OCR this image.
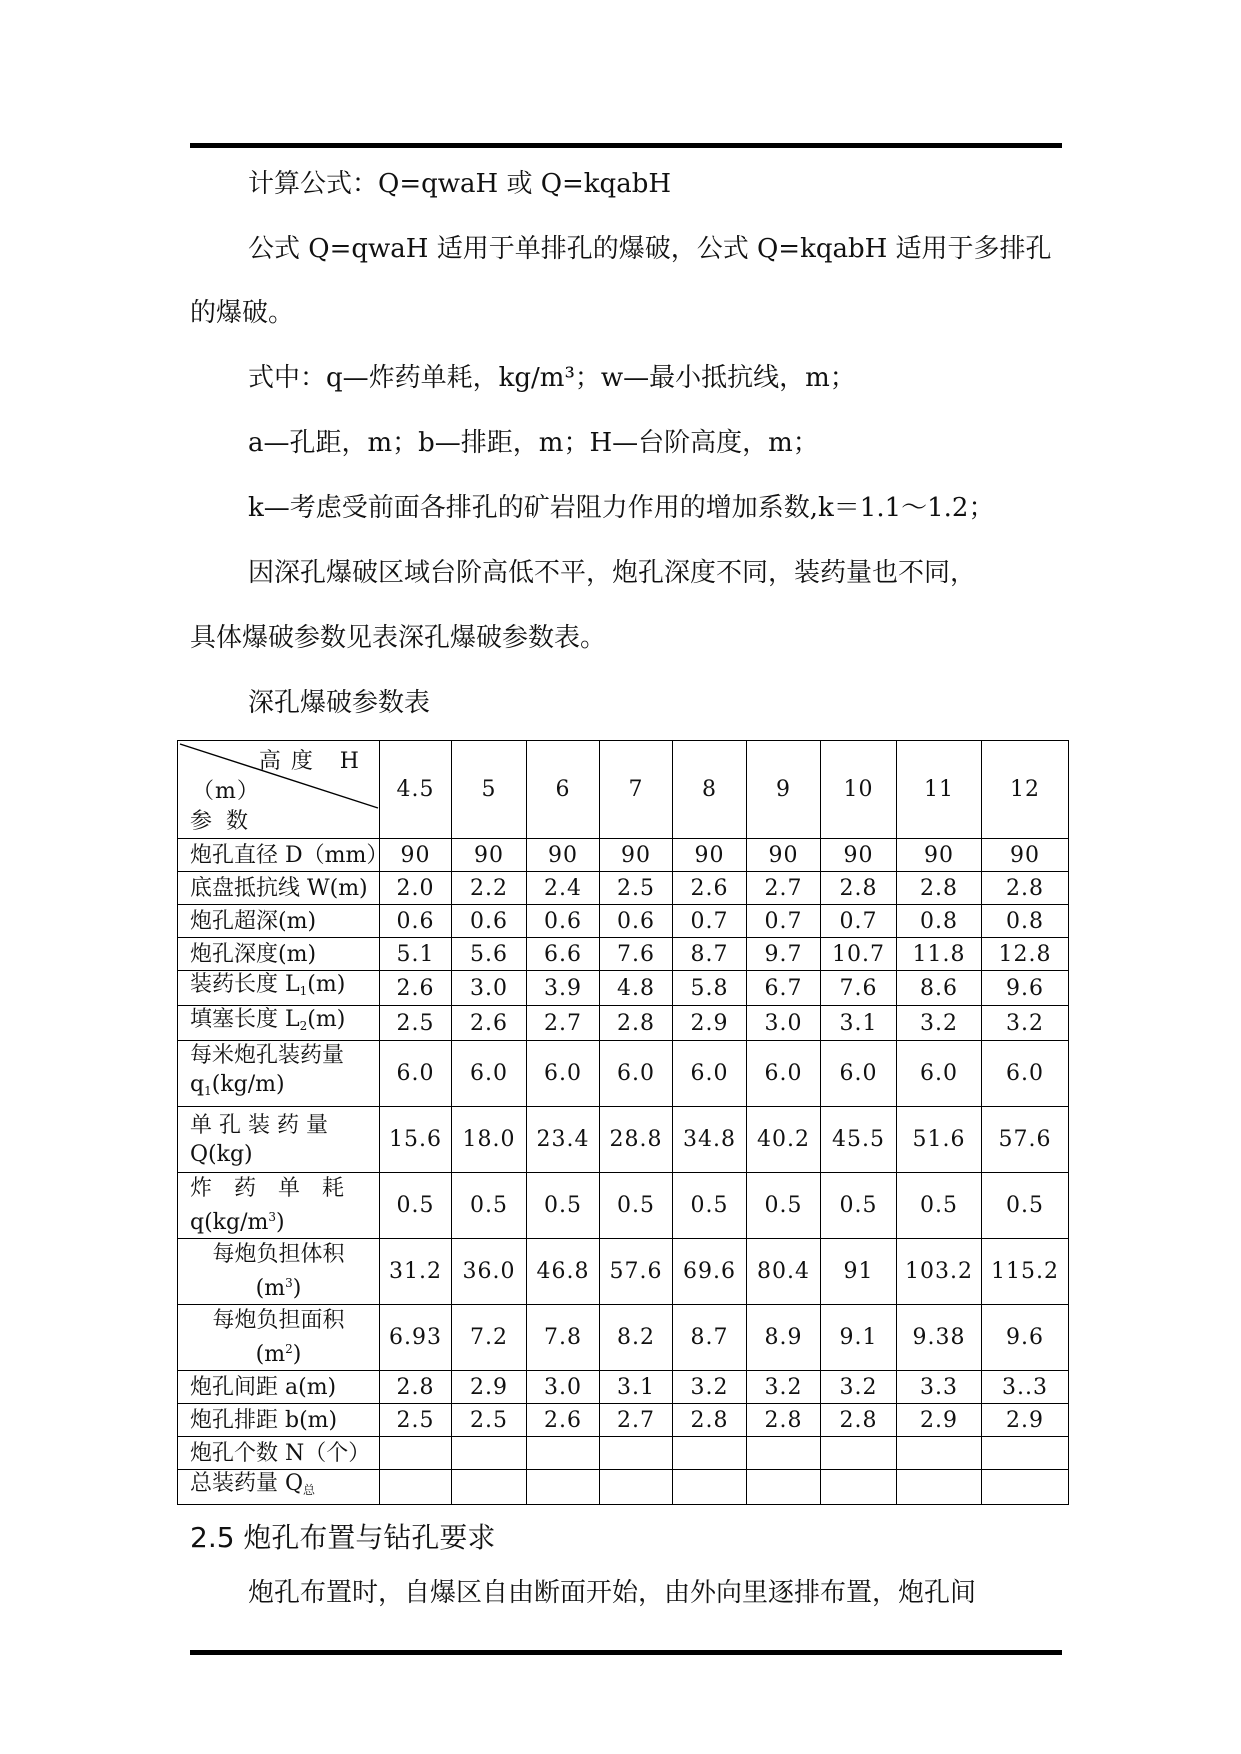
计算公式：Q=qwaH 或 Q=kqabH
公式 Q=qwaH 适用于单排孔的爆破，公式 Q=kqabH 适用于多排孔
的爆破。
式中：q—炸药单耗，kg/m³；w—最小抵抗线，m；
a—孔距，m；b—排距，m；H—台阶高度，m；
k—考虑受前面各排孔的矿岩阻力作用的增加系数,k＝1.1～1.2；
因深孔爆破区域台阶高低不平，炮孔深度不同，装药量也不同，
具体爆破参数见表深孔爆破参数表。
深孔爆破参数表
高度 H
（m）
参数	4.5	5	6	7	8	9	10	11	12
炮孔直径 D（mm）	90	90	90	90	90	90	90	90	90
底盘抵抗线 W(m)	2.0	2.2	2.4	2.5	2.6	2.7	2.8	2.8	2.8
炮孔超深(m)	0.6	0.6	0.6	0.6	0.7	0.7	0.7	0.8	0.8
炮孔深度(m)	5.1	5.6	6.6	7.6	8.7	9.7	10.7	11.8	12.8
装药长度 $L_1(m)$	2.6	3.0	3.9	4.8	5.8	6.7	7.6	8.6	9.6
填塞长度 $L_2(m)$	2.5	2.6	2.7	2.8	2.9	3.0	3.1	3.2	3.2

每米炮孔装药量
$q_1(kg/m)$	6.0	6.0	6.0	6.0	6.0	6.0	6.0	6.0	6.0

单 孔 装 药 量
Q(kg)	15.6	18.0	23.4	28.8	34.8	40.2	45.5	51.6	57.6

炸　药　单　耗
$q(kg/m^3)$	0.5	0.5	0.5	0.5	0.5	0.5	0.5	0.5	0.5

每炮负担体积
$(m^3)$	31.2	36.0	46.8	57.6	69.6	80.4	91	103.2	115.2

每炮负担面积
$(m^2)$	6.93	7.2	7.8	8.2	8.7	8.9	9.1	9.38	9.6
炮孔间距 a(m)	2.8	2.9	3.0	3.1	3.2	3.2	3.2	3.3	3..3
炮孔排距 b(m)	2.5	2.5	2.6	2.7	2.8	2.8	2.8	2.9	2.9
炮孔个数 N（个）									
总装药量 $Q_总$									
2.5 炮孔布置与钻孔要求
炮孔布置时，自爆区自由断面开始，由外向里逐排布置，炮孔间
